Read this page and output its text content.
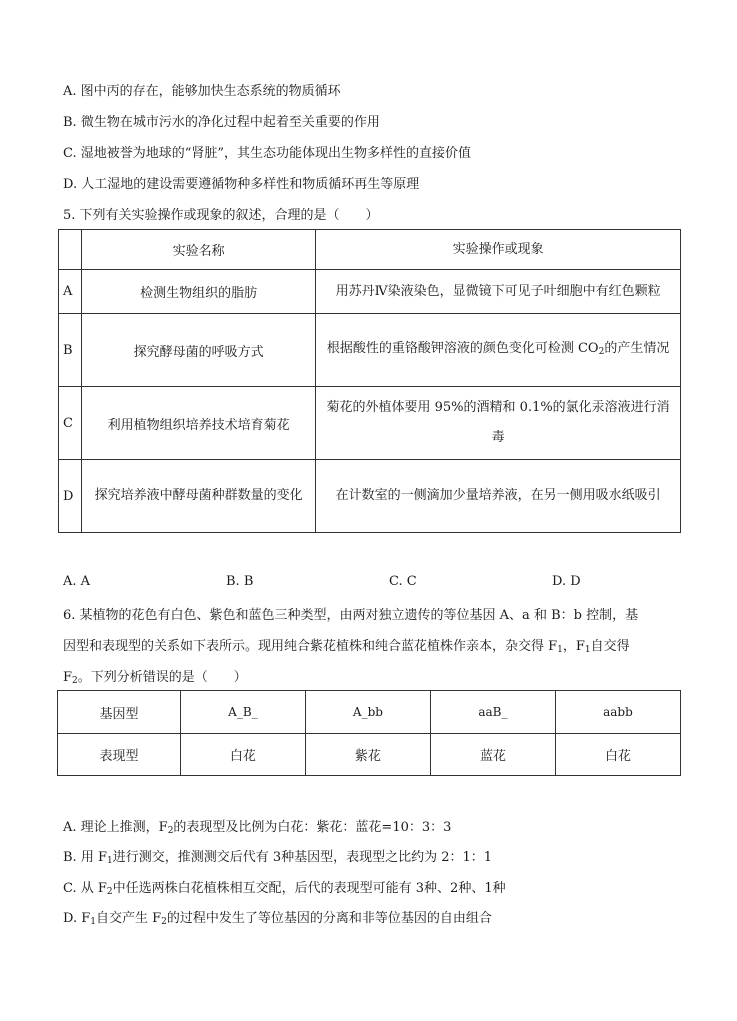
A. 图中丙的存在，能够加快生态系统的物质循环
B. 微生物在城市污水的净化过程中起着至关重要的作用
C. 湿地被誉为地球的“肾脏”，其生态功能体现出生物多样性的直接价值
D. 人工湿地的建设需要遵循物种多样性和物质循环再生等原理
5. 下列有关实验操作或现象的叙述，合理的是（　　）
	实验名称	实验操作或现象
A	检测生物组织的脂肪	用苏丹Ⅳ染液染色，显微镜下可见子叶细胞中有红色颗粒
B	探究酵母菌的呼吸方式	根据酸性的重铬酸钾溶液的颜色变化可检测 $CO_2$的产生情况
C	利用植物组织培养技术培育菊花	菊花的外植体要用 95%的酒精和 0.1%的氯化汞溶液进行消毒
D	探究培养液中酵母菌种群数量的变化	在计数室的一侧滴加少量培养液，在另一侧用吸水纸吸引
A. A	B. B	C. C	D. D
6. 某植物的花色有白色、紫色和蓝色三种类型，由两对独立遗传的等位基因 A、a 和 B：b 控制，基
因型和表现型的关系如下表所示。现用纯合紫花植株和纯合蓝花植株作亲本，杂交得 $F_1$，$F_1$自交得
$F_2$。下列分析错误的是（　　）
基因型	A_B_	A_bb	aaB_	aabb
表现型	白花	紫花	蓝花	白花
A. 理论上推测，$F_2$的表现型及比例为白花：紫花：蓝花=10：3：3
B. 用 $F_1$进行测交，推测测交后代有 3种基因型，表现型之比约为 2：1：1
C. 从 $F_2$中任选两株白花植株相互交配，后代的表现型可能有 3种、2种、1种
D. $F_1$自交产生 $F_2$的过程中发生了等位基因的分离和非等位基因的自由组合
